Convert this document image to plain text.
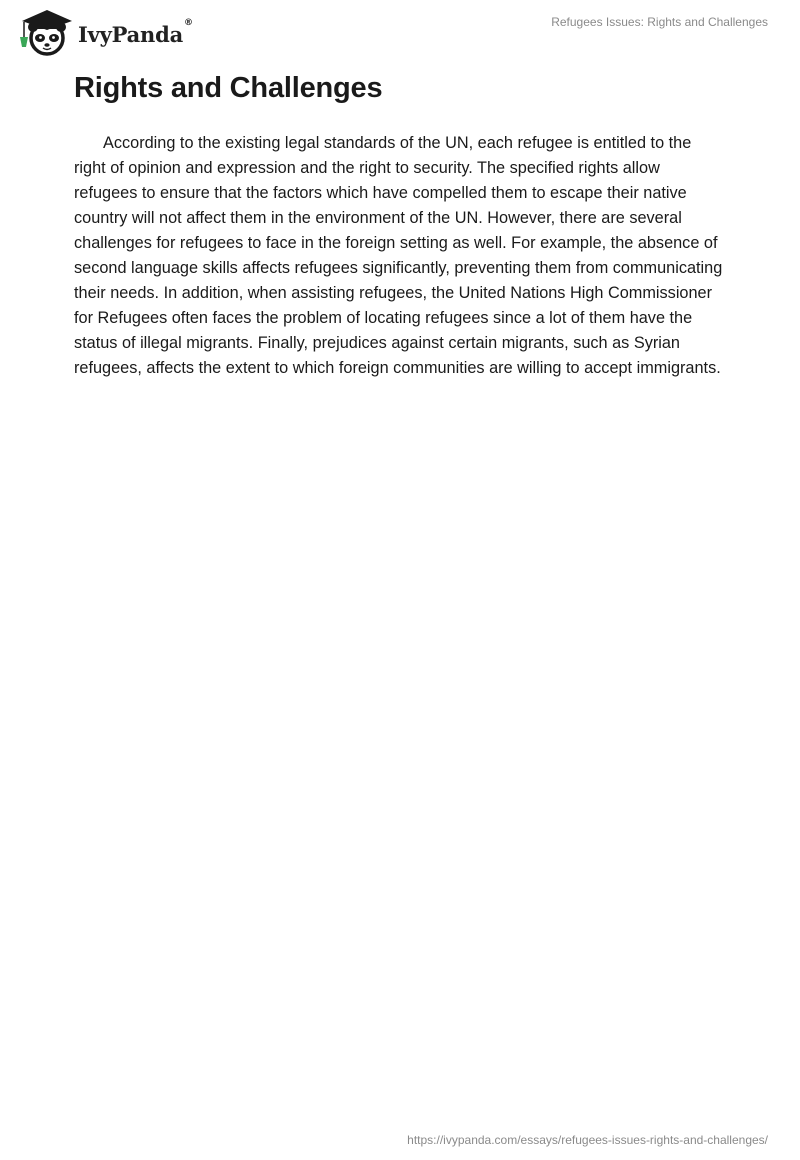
IvyPanda ®	Refugees Issues: Rights and Challenges
Rights and Challenges

According to the existing legal standards of the UN, each refugee is entitled to the right of opinion and expression and the right to security. The specified rights allow refugees to ensure that the factors which have compelled them to escape their native country will not affect them in the environment of the UN. However, there are several challenges for refugees to face in the foreign setting as well. For example, the absence of second language skills affects refugees significantly, preventing them from communicating their needs. In addition, when assisting refugees, the United Nations High Commissioner for Refugees often faces the problem of locating refugees since a lot of them have the status of illegal migrants. Finally, prejudices against certain migrants, such as Syrian refugees, affects the extent to which foreign communities are willing to accept immigrants.

https://ivypanda.com/essays/refugees-issues-rights-and-challenges/
